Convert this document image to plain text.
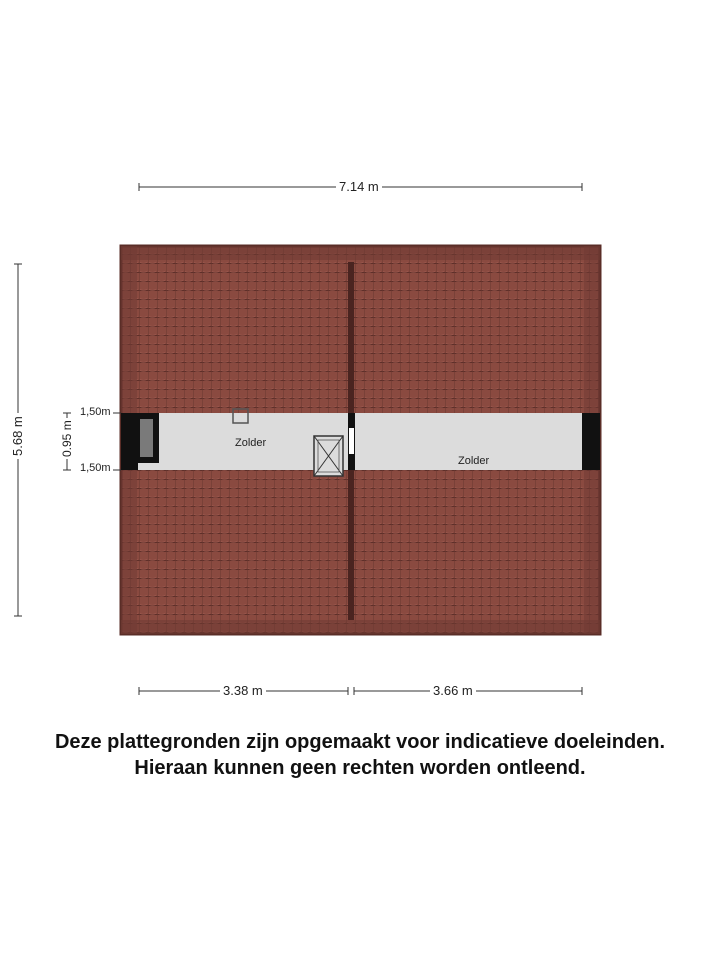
7.14 m
3.38 m	3.66 m
5.68 m	0.95 m
1,50m
1,50m
Zolder
Zolder
Deze plattegronden zijn opgemaakt voor indicatieve doeleinden.
Hieraan kunnen geen rechten worden ontleend.
